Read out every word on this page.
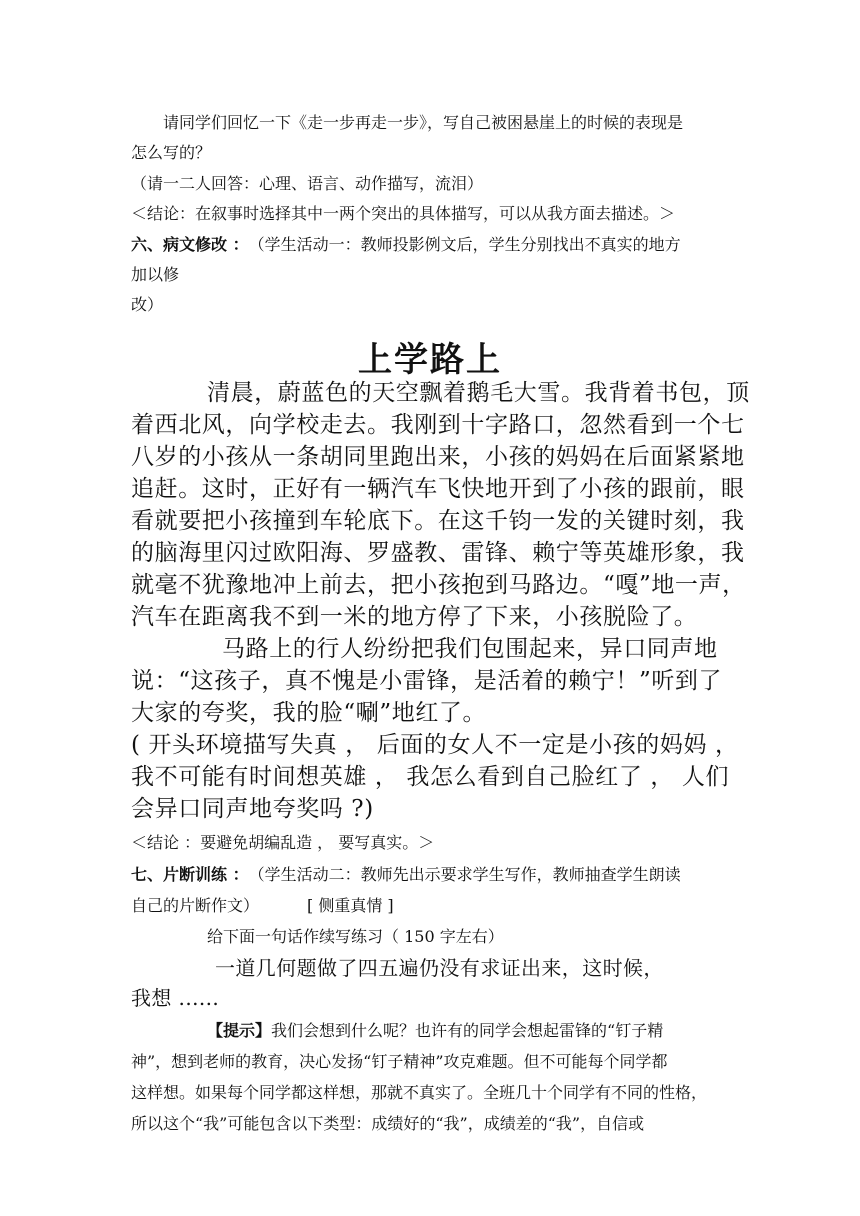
请同学们回忆一下《走一步再走一步》，写自己被困悬崖上的时候的表现是
怎么写的？
（请一二人回答：心理、语言、动作描写，流泪）
＜结论：在叙事时选择其中一两个突出的具体描写，可以从我方面去描述。＞
六、病文修改 ： （学生活动一：教师投影例文后，学生分别找出不真实的地方
加以修
改）
上学路上
清晨，蔚蓝色的天空飘着鹅毛大雪。我背着书包，顶
着西北风，向学校走去。我刚到十字路口，忽然看到一个七
八岁的小孩从一条胡同里跑出来，小孩的妈妈在后面紧紧地
追赶。这时，正好有一辆汽车飞快地开到了小孩的跟前，眼
看就要把小孩撞到车轮底下。在这千钧一发的关键时刻，我
的脑海里闪过欧阳海、罗盛教、雷锋、赖宁等英雄形象，我
就毫不犹豫地冲上前去，把小孩抱到马路边。“嘎”地一声，
汽车在距离我不到一米的地方停了下来，小孩脱险了。
马路上的行人纷纷把我们包围起来，异口同声地
说：“这孩子，真不愧是小雷锋，是活着的赖宁！”听到了
大家的夸奖，我的脸“唰”地红了。
( 开头环境描写失真 ， 后面的女人不一定是小孩的妈妈 ，
我不可能有时间想英雄 ， 我怎么看到自己脸红了 ， 人们
会异口同声地夸奖吗 ?)
＜结论 ：要避免胡编乱造 ， 要写真实。＞
七、片断训练 ： （学生活动二：教师先出示要求学生写作，教师抽查学生朗读
自己的片断作文）	[ 侧重真情 ]
给下面一句话作续写练习（ 150 字左右）
一道几何题做了四五遍仍没有求证出来，这时候，
我想 ......
【提示】我们会想到什么呢？也许有的同学会想起雷锋的“钉子精
神”，想到老师的教育，决心发扬“钉子精神”攻克难题。但不可能每个同学都
这样想。如果每个同学都这样想，那就不真实了。全班几十个同学有不同的性格，
所以这个“我”可能包含以下类型：成绩好的“我”，成绩差的“我”，自信或
